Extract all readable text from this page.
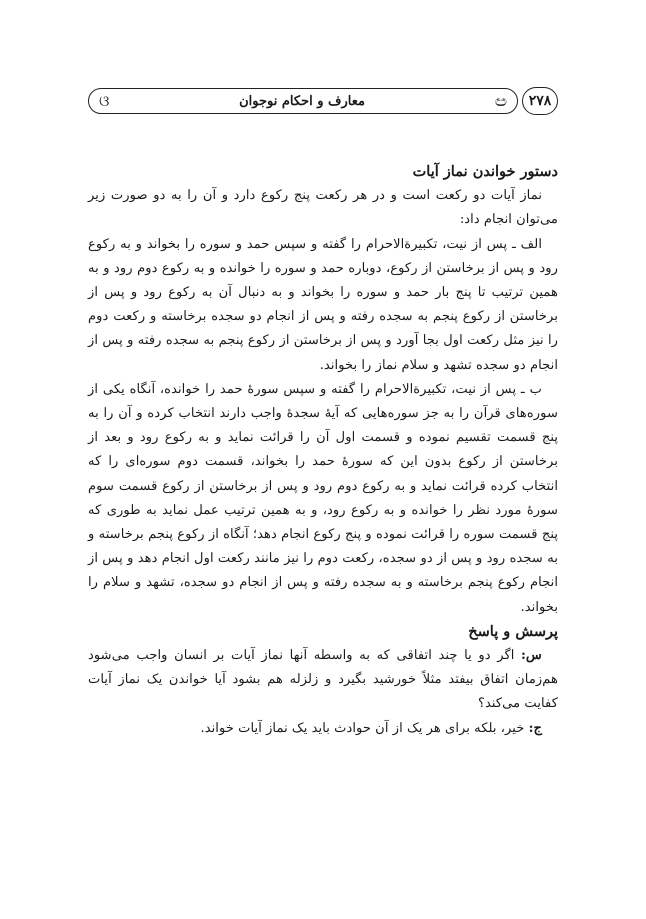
۲۷۸
ඏ
معارف و احکام نوجوان
ଓ

دستور خواندن نماز آیات

نماز آیات دو رکعت است و در هر رکعت پنج رکوع دارد و آن را به دو صورت زیر می‌توان انجام داد:

الف ـ پس از نیت، تکبیرةالاحرام را گفته و سپس حمد و سوره را بخواند و به رکوع رود و پس از برخاستن از رکوع، دوباره حمد و سوره را خوانده و به رکوع دوم رود و به همین ترتیب تا پنج بار حمد و سوره را بخواند و به دنبال آن به رکوع رود و پس از برخاستن از رکوع پنجم به سجده رفته و پس از انجام دو سجده برخاسته و رکعت دوم را نیز مثل رکعت اول بجا آورد و پس از برخاستن از رکوع پنجم به سجده رفته و پس از انجام دو سجده تشهد و سلام نماز را بخواند.

ب ـ پس از نیت، تکبیرةالاحرام را گفته و سپس سورهٔ حمد را خوانده، آنگاه یکی از سوره‌های قرآن را به جز سوره‌هایی که آیهٔ سجدهٔ واجب دارند انتخاب کرده و آن را به پنج قسمت تقسیم نموده و قسمت اول آن را قرائت نماید و به رکوع رود و بعد از برخاستن از رکوع بدون این که سورهٔ حمد را بخواند، قسمت دوم سوره‌ای را که انتخاب کرده قرائت نماید و به رکوع دوم رود و پس از برخاستن از رکوع قسمت سوم سورهٔ مورد نظر را خوانده و به رکوع رود، و به همین ترتیب عمل نماید به طوری که پنج قسمت سوره را قرائت نموده و پنج رکوع انجام دهد؛ آنگاه از رکوع پنجم برخاسته و به سجده رود و پس از دو سجده، رکعت دوم را نیز مانند رکعت اول انجام دهد و پس از انجام رکوع پنجم برخاسته و به سجده رفته و پس از انجام دو سجده، تشهد و سلام را بخواند.

پرسش و پاسخ

س: اگر دو یا چند اتفاقی که به واسطه آنها نماز آیات بر انسان واجب می‌شود هم‌زمان اتفاق بیفتد مثلاً خورشید بگیرد و زلزله هم بشود آیا خواندن یک نماز آیات کفایت می‌کند؟

ج: خیر، بلکه برای هر یک از آن حوادث باید یک نماز آیات خواند.
